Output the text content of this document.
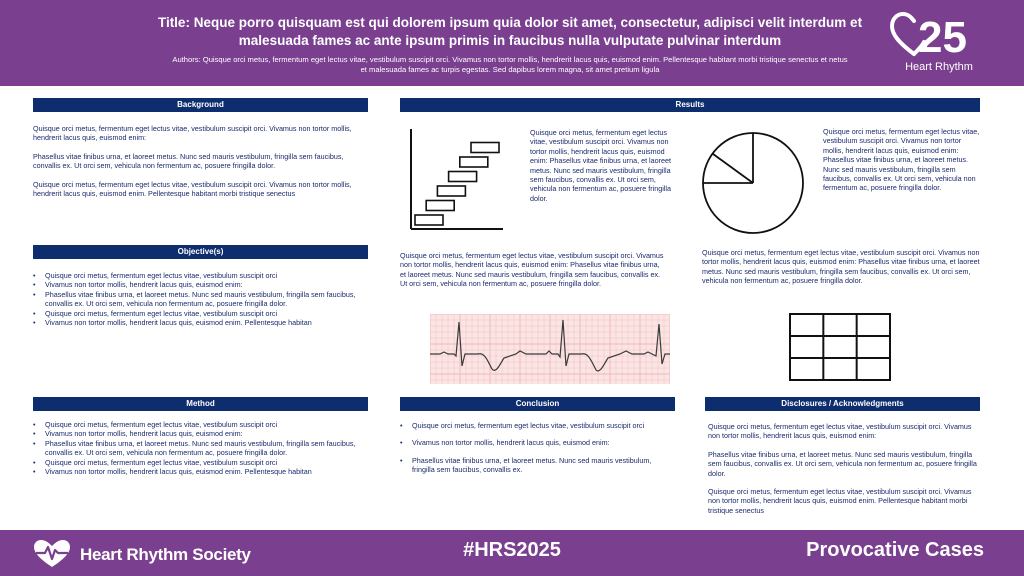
Title: Neque porro quisquam est qui dolorem ipsum quia dolor sit amet, consectetur, adipisci velit interdum et malesuada fames ac ante ipsum primis in faucibus nulla vulputate pulvinar interdum
Authors: Quisque orci metus, fermentum eget lectus vitae, vestibulum suscipit orci. Vivamus non tortor mollis, hendrerit lacus quis, euismod enim. Pellentesque habitant morbi tristique senectus et netus et malesuada fames ac turpis egestas. Sed dapibus lorem magna, sit amet pretium ligula
25
Heart Rhythm
Background

Quisque orci metus, fermentum eget lectus vitae, vestibulum suscipit orci. Vivamus non tortor mollis, hendrerit lacus quis, euismod enim:

Phasellus vitae finibus urna, et laoreet metus. Nunc sed mauris vestibulum, fringilla sem faucibus, convallis ex. Ut orci sem, vehicula non fermentum ac, posuere fringilla dolor.

Quisque orci metus, fermentum eget lectus vitae, vestibulum suscipit orci. Vivamus non tortor mollis, hendrerit lacus quis, euismod enim. Pellentesque habitant morbi tristique senectus

Objective(s)
• Quisque orci metus, fermentum eget lectus vitae, vestibulum suscipit orci
• Vivamus non tortor mollis, hendrerit lacus quis, euismod enim:
• Phasellus vitae finibus urna, et laoreet metus. Nunc sed mauris vestibulum, fringilla sem faucibus, convallis ex. Ut orci sem, vehicula non fermentum ac, posuere fringilla dolor.
• Quisque orci metus, fermentum eget lectus vitae, vestibulum suscipit orci
• Vivamus non tortor mollis, hendrerit lacus quis, euismod enim. Pellentesque habitan
Method
• Quisque orci metus, fermentum eget lectus vitae, vestibulum suscipit orci
• Vivamus non tortor mollis, hendrerit lacus quis, euismod enim:
• Phasellus vitae finibus urna, et laoreet metus. Nunc sed mauris vestibulum, fringilla sem faucibus, convallis ex. Ut orci sem, vehicula non fermentum ac, posuere fringilla dolor.
• Quisque orci metus, fermentum eget lectus vitae, vestibulum suscipit orci
• Vivamus non tortor mollis, hendrerit lacus quis, euismod enim. Pellentesque habitan
Results
Quisque orci metus, fermentum eget lectus vitae, vestibulum suscipit orci. Vivamus non tortor mollis, hendrerit lacus quis, euismod enim: Phasellus vitae finibus urna, et laoreet metus. Nunc sed mauris vestibulum, fringilla sem faucibus, convallis ex. Ut orci sem, vehicula non fermentum ac, posuere fringilla dolor.
Quisque orci metus, fermentum eget lectus vitae, vestibulum suscipit orci. Vivamus non tortor mollis, hendrerit lacus quis, euismod enim: Phasellus vitae finibus urna, et laoreet metus. Nunc sed mauris vestibulum, fringilla sem faucibus, convallis ex. Ut orci sem, vehicula non fermentum ac, posuere fringilla dolor.
Quisque orci metus, fermentum eget lectus vitae, vestibulum suscipit orci. Vivamus non tortor mollis, hendrerit lacus quis, euismod enim: Phasellus vitae finibus urna, et laoreet metus. Nunc sed mauris vestibulum, fringilla sem faucibus, convallis ex. Ut orci sem, vehicula non fermentum ac, posuere fringilla dolor.
Quisque orci metus, fermentum eget lectus vitae, vestibulum suscipit orci. Vivamus non tortor mollis, hendrerit lacus quis, euismod enim: Phasellus vitae finibus urna, et laoreet metus. Nunc sed mauris vestibulum, fringilla sem faucibus, convallis ex. Ut orci sem, vehicula non fermentum ac, posuere fringilla dolor.
Conclusion
• Quisque orci metus, fermentum eget lectus vitae, vestibulum suscipit orci
• Vivamus non tortor mollis, hendrerit lacus quis, euismod enim:
• Phasellus vitae finibus urna, et laoreet metus. Nunc sed mauris vestibulum, fringilla sem faucibus, convallis ex.
Disclosures / Acknowledgments

Quisque orci metus, fermentum eget lectus vitae, vestibulum suscipit orci. Vivamus non tortor mollis, hendrerit lacus quis, euismod enim:

Phasellus vitae finibus urna, et laoreet metus. Nunc sed mauris vestibulum, fringilla sem faucibus, convallis ex. Ut orci sem, vehicula non fermentum ac, posuere fringilla dolor.

Quisque orci metus, fermentum eget lectus vitae, vestibulum suscipit orci. Vivamus non tortor mollis, hendrerit lacus quis, euismod enim. Pellentesque habitant morbi tristique senectus

Heart Rhythm Society	#HRS2025	Provocative Cases
